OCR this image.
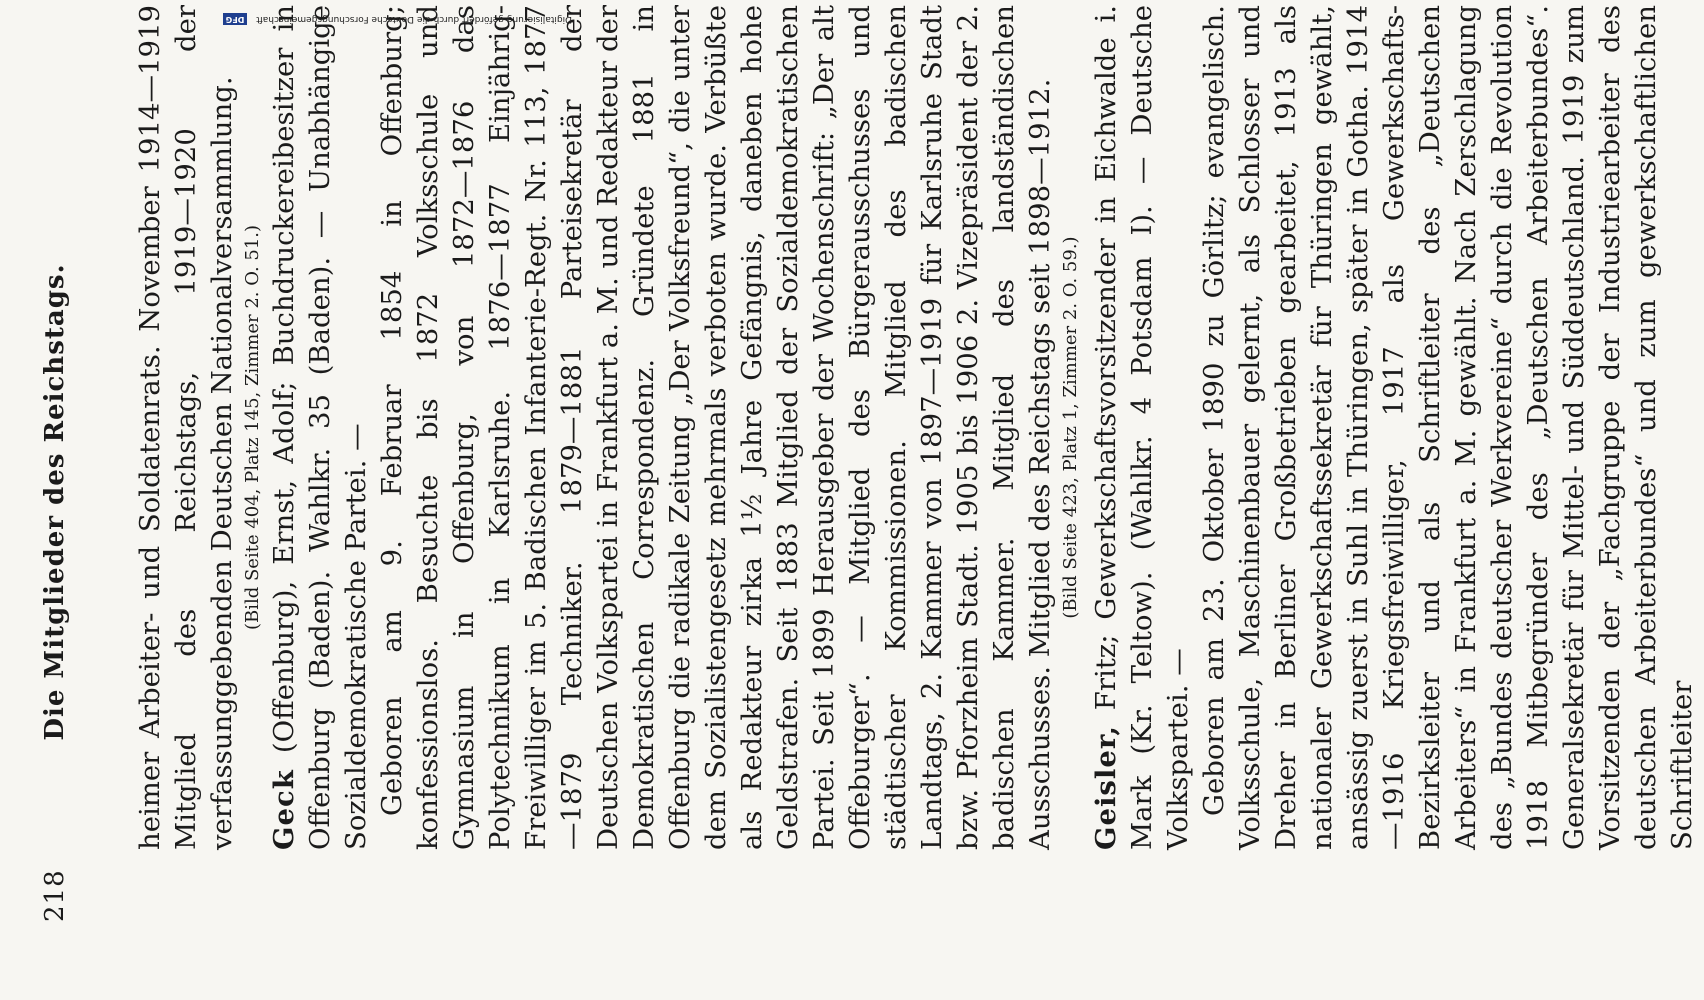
218
Die Mitglieder des Reichstags. heimer Arbeiter- und Soldatenrats. November 1914—1919 Mitglied des Reichstags, 1919—1920 der verfassunggebenden Deutschen Nationalversammlung. (Bild Seite 404, Platz 145, Zimmer 2. O. 51.)

Geck (Offenburg), Ernst, Adolf; Buchdruckereibesitzer in Offenburg (Baden). Wahlkr. 35 (Baden). — Unabhängige Sozialdemokratische Partei. — Geboren am 9. Februar 1854 in Offenburg; konfessionslos. Besuchte bis 1872 Volksschule und Gymnasium in Offenburg, von 1872—1876 das Polytechnikum in Karlsruhe. 1876—1877 Einjährig-Freiwilliger im 5. Badischen Infanterie-Regt. Nr. 113, 1877—1879 Techniker. 1879—1881 Parteisekretär der Deutschen Volkspartei in Frankfurt a. M. und Redakteur der Demokratischen Correspondenz. Gründete 1881 in Offenburg die radikale Zeitung „Der Volksfreund“, die unter dem Sozialistengesetz mehrmals verboten wurde. Verbüßte als Redakteur zirka 1½ Jahre Gefängnis, daneben hohe Geldstrafen. Seit 1883 Mitglied der Sozialdemokratischen Partei. Seit 1899 Herausgeber der Wochenschrift: „Der alt Offeburger“. — Mitglied des Bürgerausschusses und städtischer Kommissionen. Mitglied des badischen Landtags, 2. Kammer von 1897—1919 für Karlsruhe Stadt bzw. Pforzheim Stadt. 1905 bis 1906 2. Vizepräsident der 2. badischen Kammer. Mitglied des landständischen Ausschusses. Mitglied des Reichstags seit 1898—1912. (Bild Seite 423, Platz 1, Zimmer 2. O. 59.)

Geisler, Fritz; Gewerkschaftsvorsitzender in Eichwalde i. Mark (Kr. Teltow). (Wahlkr. 4 Potsdam I). — Deutsche Volkspartei. — Geboren am 23. Oktober 1890 zu Görlitz; evangelisch. Volksschule, Maschinenbauer gelernt, als Schlosser und Dreher in Berliner Großbetrieben gearbeitet, 1913 als nationaler Gewerkschaftssekretär für Thüringen gewählt, ansässig zuerst in Suhl in Thüringen, später in Gotha. 1914—1916 Kriegsfreiwilliger, 1917 als Gewerkschafts-Bezirksleiter und als Schriftleiter des „Deutschen Arbeiters“ in Frankfurt a. M. gewählt. Nach Zerschlagung des „Bundes deutscher Werkvereine“ durch die Revolution 1918 Mitbegründer des „Deutschen Arbeiterbundes“. Generalsekretär für Mittel- und Süddeutschland. 1919 zum Vorsitzenden der „Fachgruppe der Industriearbeiter des deutschen Arbeiterbundes“ und zum gewerkschaftlichen Schriftleiter

Digitalisierung gefördert durch die Deutsche Forschungsgemeinschaft DFG
